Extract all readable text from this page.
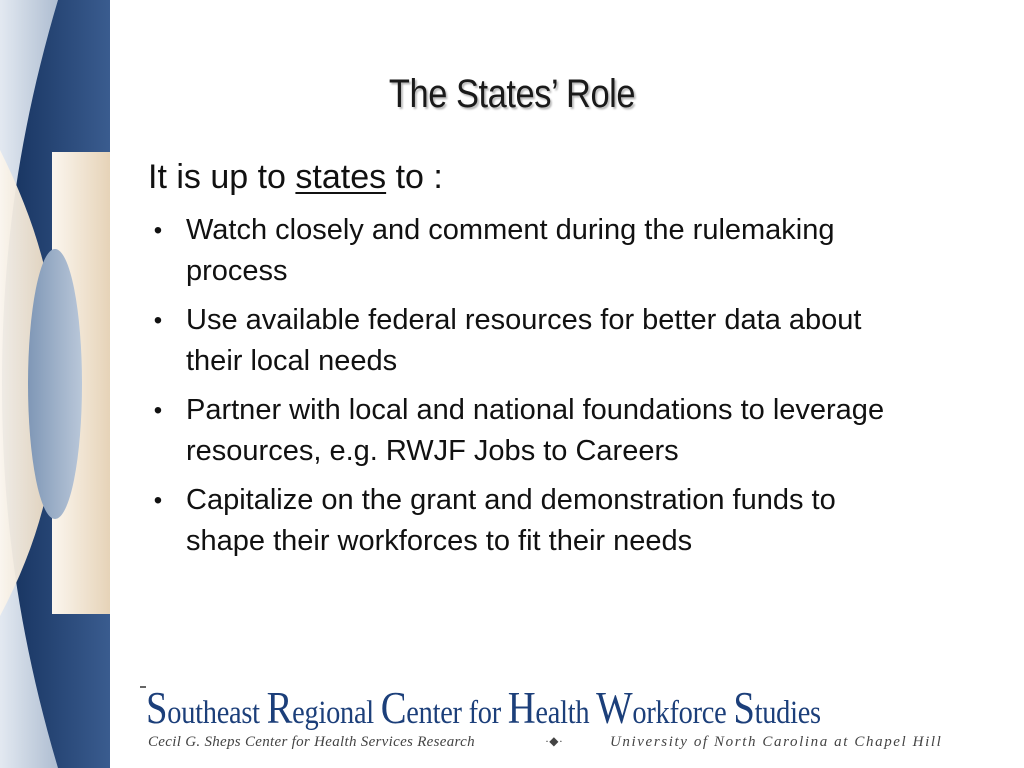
The States’ Role
It is up to states to :
• Watch closely and comment during the rulemaking process
• Use available federal resources for better data about their local needs
• Partner with local and national foundations to leverage resources, e.g. RWJF Jobs to Careers
• Capitalize on the grant and demonstration funds to shape their workforces to fit their needs
Southeast Regional Center for Health Workforce Studies
Cecil G. Sheps Center for Health Services Research	·◆·	University of North Carolina at Chapel Hill
